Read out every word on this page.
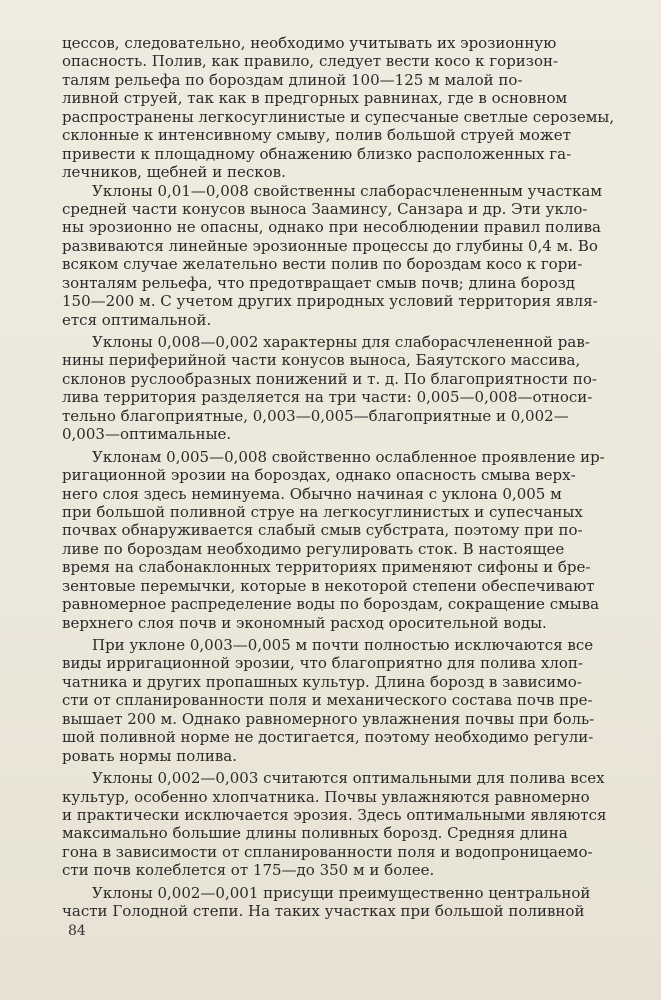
цессов, следовательно, необходимо учитывать их эрозионную
опасность. Полив, как правило, следует вести косо к горизон-
талям рельефа по бороздам длиной 100—125 м малой по-
ливной струей, так как в предгорных равнинах, где в основном
распространены легкосуглинистые и супесчаные светлые сероземы,
склонные к интенсивному смыву, полив большой струей может
привести к площадному обнажению близко расположенных га-
лечников, щебней и песков.
Уклоны 0,01—0,008 свойственны слаборасчлененным участкам
средней части конусов выноса Зааминсу, Санзара и др. Эти укло-
ны эрозионно не опасны, однако при несоблюдении правил полива
развиваются линейные эрозионные процессы до глубины 0,4 м. Во
всяком случае желательно вести полив по бороздам косо к гори-
зонталям рельефа, что предотвращает смыв почв; длина борозд
150—200 м. С учетом других природных условий территория явля-
ется оптимальной.
Уклоны 0,008—0,002 характерны для слаборасчлененной рав-
нины периферийной части конусов выноса, Баяутского массива,
склонов руслообразных понижений и т. д. По благоприятности по-
лива территория разделяется на три части: 0,005—0,008—относи-
тельно благоприятные, 0,003—0,005—благоприятные и 0,002—
0,003—оптимальные.
Уклонам 0,005—0,008 свойственно ослабленное проявление ир-
ригационной эрозии на бороздах, однако опасность смыва верх-
него слоя здесь неминуема. Обычно начиная с уклона 0,005 м
при большой поливной струе на легкосуглинистых и супесчаных
почвах обнаруживается слабый смыв субстрата, поэтому при по-
ливе по бороздам необходимо регулировать сток. В настоящее
время на слабонаклонных территориях применяют сифоны и бре-
зентовые перемычки, которые в некоторой степени обеспечивают
равномерное распределение воды по бороздам, сокращение смыва
верхнего слоя почв и экономный расход оросительной воды.
При уклоне 0,003—0,005 м почти полностью исключаются все
виды ирригационной эрозии, что благоприятно для полива хлоп-
чатника и других пропашных культур. Длина борозд в зависимо-
сти от спланированности поля и механического состава почв пре-
вышает 200 м. Однако равномерного увлажнения почвы при боль-
шой поливной норме не достигается, поэтому необходимо регули-
ровать нормы полива.
Уклоны 0,002—0,003 считаются оптимальными для полива всех
культур, особенно хлопчатника. Почвы увлажняются равномерно
и практически исключается эрозия. Здесь оптимальными являются
максимально большие длины поливных борозд. Средняя длина
гона в зависимости от спланированности поля и водопроницаемо-
сти почв колеблется от 175—до 350 м и более.
Уклоны 0,002—0,001 присущи преимущественно центральной
части Голодной степи. На таких участках при большой поливной
84
